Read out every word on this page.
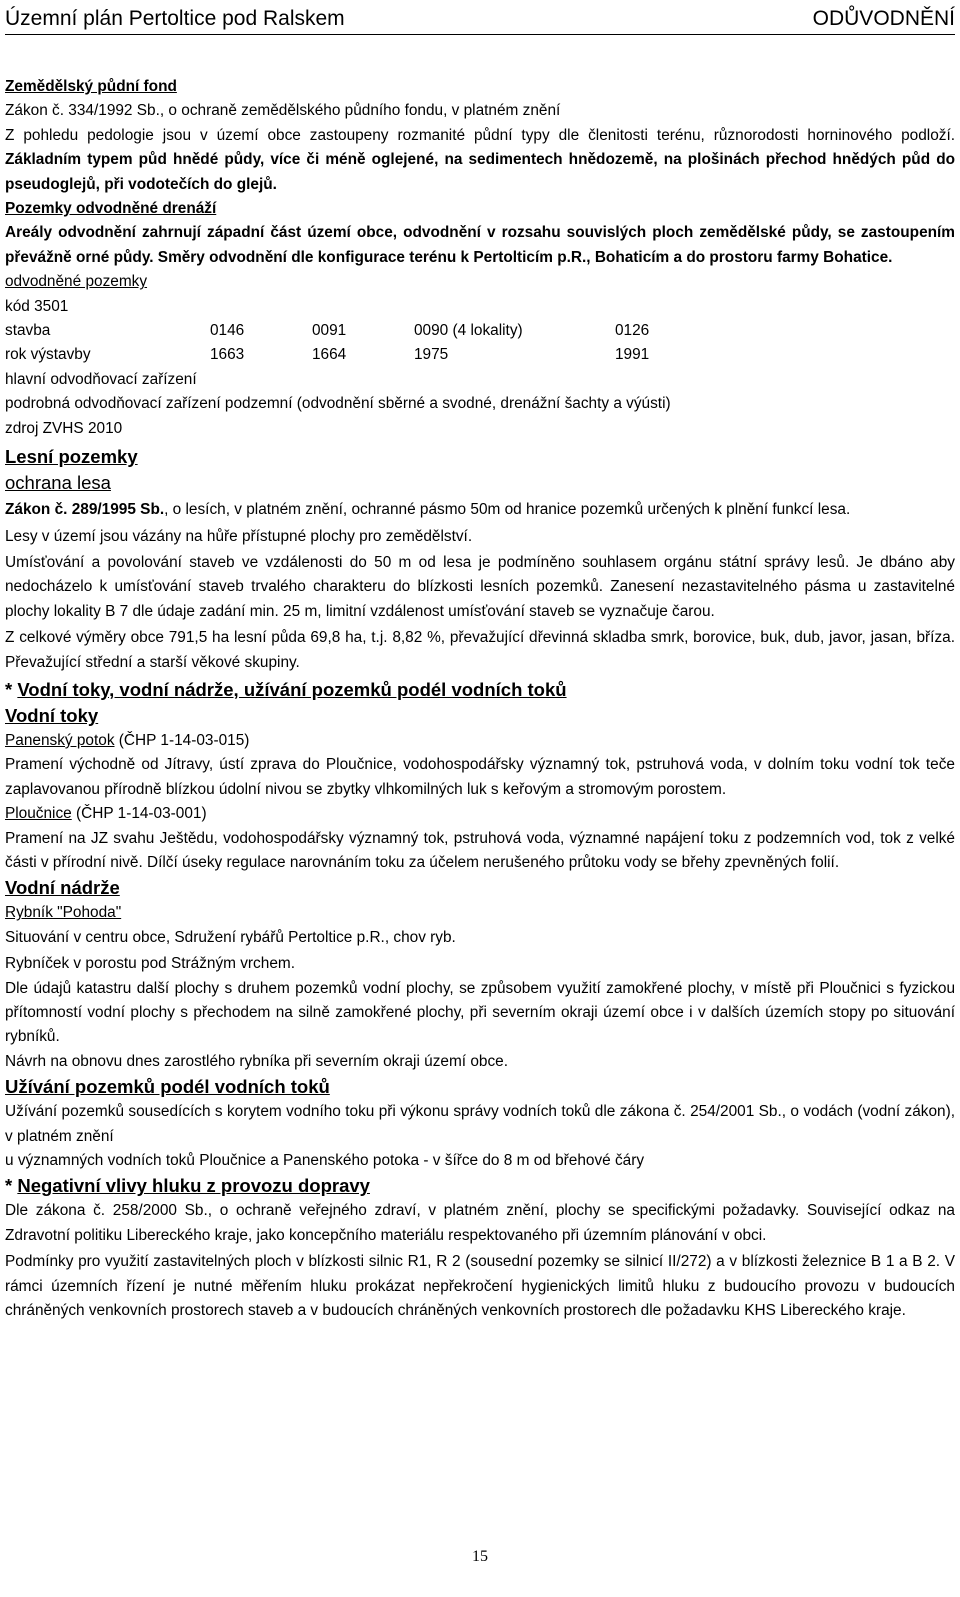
Územní plán Pertoltice pod Ralskem	ODŮVODNĚNÍ

Zemědělský půdní fond

Zákon č. 334/1992 Sb., o ochraně zemědělského půdního fondu, v platném znění

Z pohledu pedologie jsou v území obce zastoupeny rozmanité půdní typy dle členitosti terénu, různorodosti horninového podloží. Základním typem půd hnědé půdy, více či méně oglejené, na sedimentech hnědozemě, na plošinách přechod hnědých půd do pseudoglejů, při vodotečích do glejů.

Pozemky odvodněné drenáží

Areály odvodnění zahrnují západní část území obce, odvodnění v rozsahu souvislých ploch zemědělské půdy, se zastoupením převážně orné půdy. Směry odvodnění dle konfigurace terénu k Pertolticím p.R., Bohaticím a do prostoru farmy Bohatice.

odvodněné pozemky

kód 3501

stavba	0146	0091	0090 (4 lokality)	0126
rok výstavby	1663	1664	1975	1991

hlavní odvodňovací zařízení

podrobná odvodňovací zařízení podzemní (odvodnění sběrné a svodné, drenážní šachty a výústi)

zdroj ZVHS 2010

Lesní pozemky

ochrana lesa

Zákon č. 289/1995 Sb., o lesích, v platném znění, ochranné pásmo 50m od hranice pozemků určených k plnění funkcí lesa.

Lesy v území jsou vázány na hůře přístupné plochy pro zemědělství.

Umísťování a povolování staveb ve vzdálenosti do 50 m od lesa je podmíněno souhlasem orgánu státní správy lesů. Je dbáno aby nedocházelo k umísťování staveb trvalého charakteru do blízkosti lesních pozemků. Zanesení nezastavitelného pásma u zastavitelné plochy lokality B 7 dle údaje zadání min. 25 m, limitní vzdálenost umísťování staveb se vyznačuje čarou.

Z celkové výměry obce 791,5 ha lesní půda 69,8 ha, t.j. 8,82 %, převažující dřevinná skladba smrk, borovice, buk, dub, javor, jasan, bříza. Převažující střední a starší věkové skupiny.

* Vodní toky, vodní nádrže, užívání pozemků podél vodních toků

Vodní toky

Panenský potok (ČHP 1-14-03-015)

Pramení východně od Jítravy, ústí zprava do Ploučnice, vodohospodářsky významný tok, pstruhová voda, v dolním toku vodní tok teče zaplavovanou přírodně blízkou údolní nivou se zbytky vlhkomilných luk s keřovým a stromovým porostem.

Ploučnice (ČHP 1-14-03-001)

Pramení na JZ svahu Ještědu, vodohospodářsky významný tok, pstruhová voda, významné napájení toku z podzemních vod, tok z velké části v přírodní nivě. Dílčí úseky regulace narovnáním toku za účelem nerušeného průtoku vody se břehy zpevněných folií.

Vodní nádrže

Rybník "Pohoda"

Situování v centru obce, Sdružení rybářů Pertoltice p.R., chov ryb.

Rybníček v porostu pod Strážným vrchem.

Dle údajů katastru další plochy s druhem pozemků vodní plochy, se způsobem využití zamokřené plochy, v místě při Ploučnici s fyzickou přítomností vodní plochy s přechodem na silně zamokřené plochy, při severním okraji území obce i v dalších územích stopy po situování rybníků.

Návrh na obnovu dnes zarostlého rybníka při severním okraji území obce.

Užívání pozemků podél vodních toků

Užívání pozemků sousedících s korytem vodního toku při výkonu správy vodních toků dle zákona č. 254/2001 Sb., o vodách (vodní zákon), v platném znění

u významných vodních toků Ploučnice a Panenského potoka - v šířce do 8 m od břehové čáry

* Negativní vlivy hluku z provozu dopravy

Dle zákona č. 258/2000 Sb., o ochraně veřejného zdraví, v platném znění, plochy se specifickými požadavky. Související odkaz na Zdravotní politiku Libereckého kraje, jako koncepčního materiálu respektovaného při územním plánování v obci.

Podmínky pro využití zastavitelných ploch v blízkosti silnic R1, R 2 (sousední pozemky se silnicí II/272) a v blízkosti železnice B 1 a B 2. V rámci územních řízení je nutné měřením hluku prokázat nepřekročení hygienických limitů hluku z budoucího provozu v budoucích chráněných venkovních prostorech staveb a v budoucích chráněných venkovních prostorech dle požadavku KHS Libereckého kraje.

15
